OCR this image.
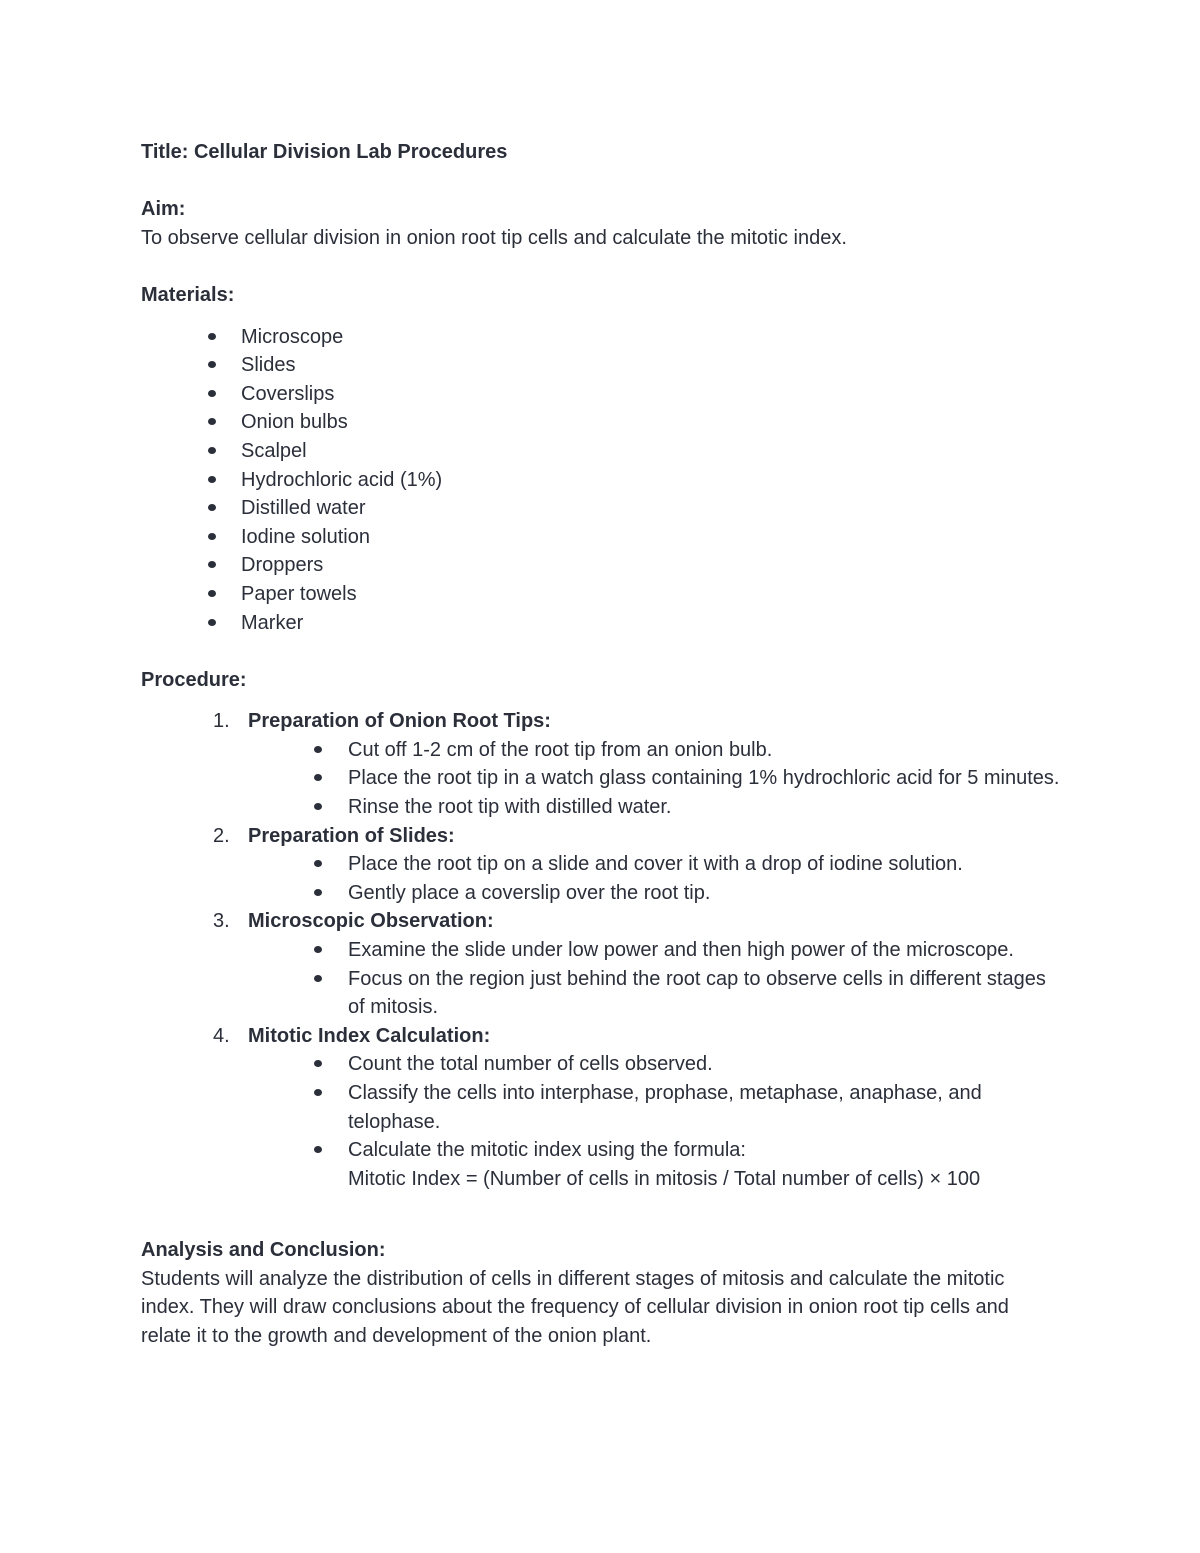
Title: Cellular Division Lab Procedures

Aim:

To observe cellular division in onion root tip cells and calculate the mitotic index.

Materials:

Microscope
Slides
Coverslips
Onion bulbs
Scalpel
Hydrochloric acid (1%)
Distilled water
Iodine solution
Droppers
Paper towels
Marker

Procedure:

1. Preparation of Onion Root Tips:
Cut off 1-2 cm of the root tip from an onion bulb.
Place the root tip in a watch glass containing 1% hydrochloric acid for 5 minutes.
Rinse the root tip with distilled water.
2. Preparation of Slides:
Place the root tip on a slide and cover it with a drop of iodine solution.
Gently place a coverslip over the root tip.
3. Microscopic Observation:
Examine the slide under low power and then high power of the microscope.
Focus on the region just behind the root cap to observe cells in different stages of mitosis.
4. Mitotic Index Calculation:
Count the total number of cells observed.
Classify the cells into interphase, prophase, metaphase, anaphase, and telophase.
Calculate the mitotic index using the formula:
Mitotic Index = (Number of cells in mitosis / Total number of cells) × 100

Analysis and Conclusion:

Students will analyze the distribution of cells in different stages of mitosis and calculate the mitotic index. They will draw conclusions about the frequency of cellular division in onion root tip cells and relate it to the growth and development of the onion plant.
